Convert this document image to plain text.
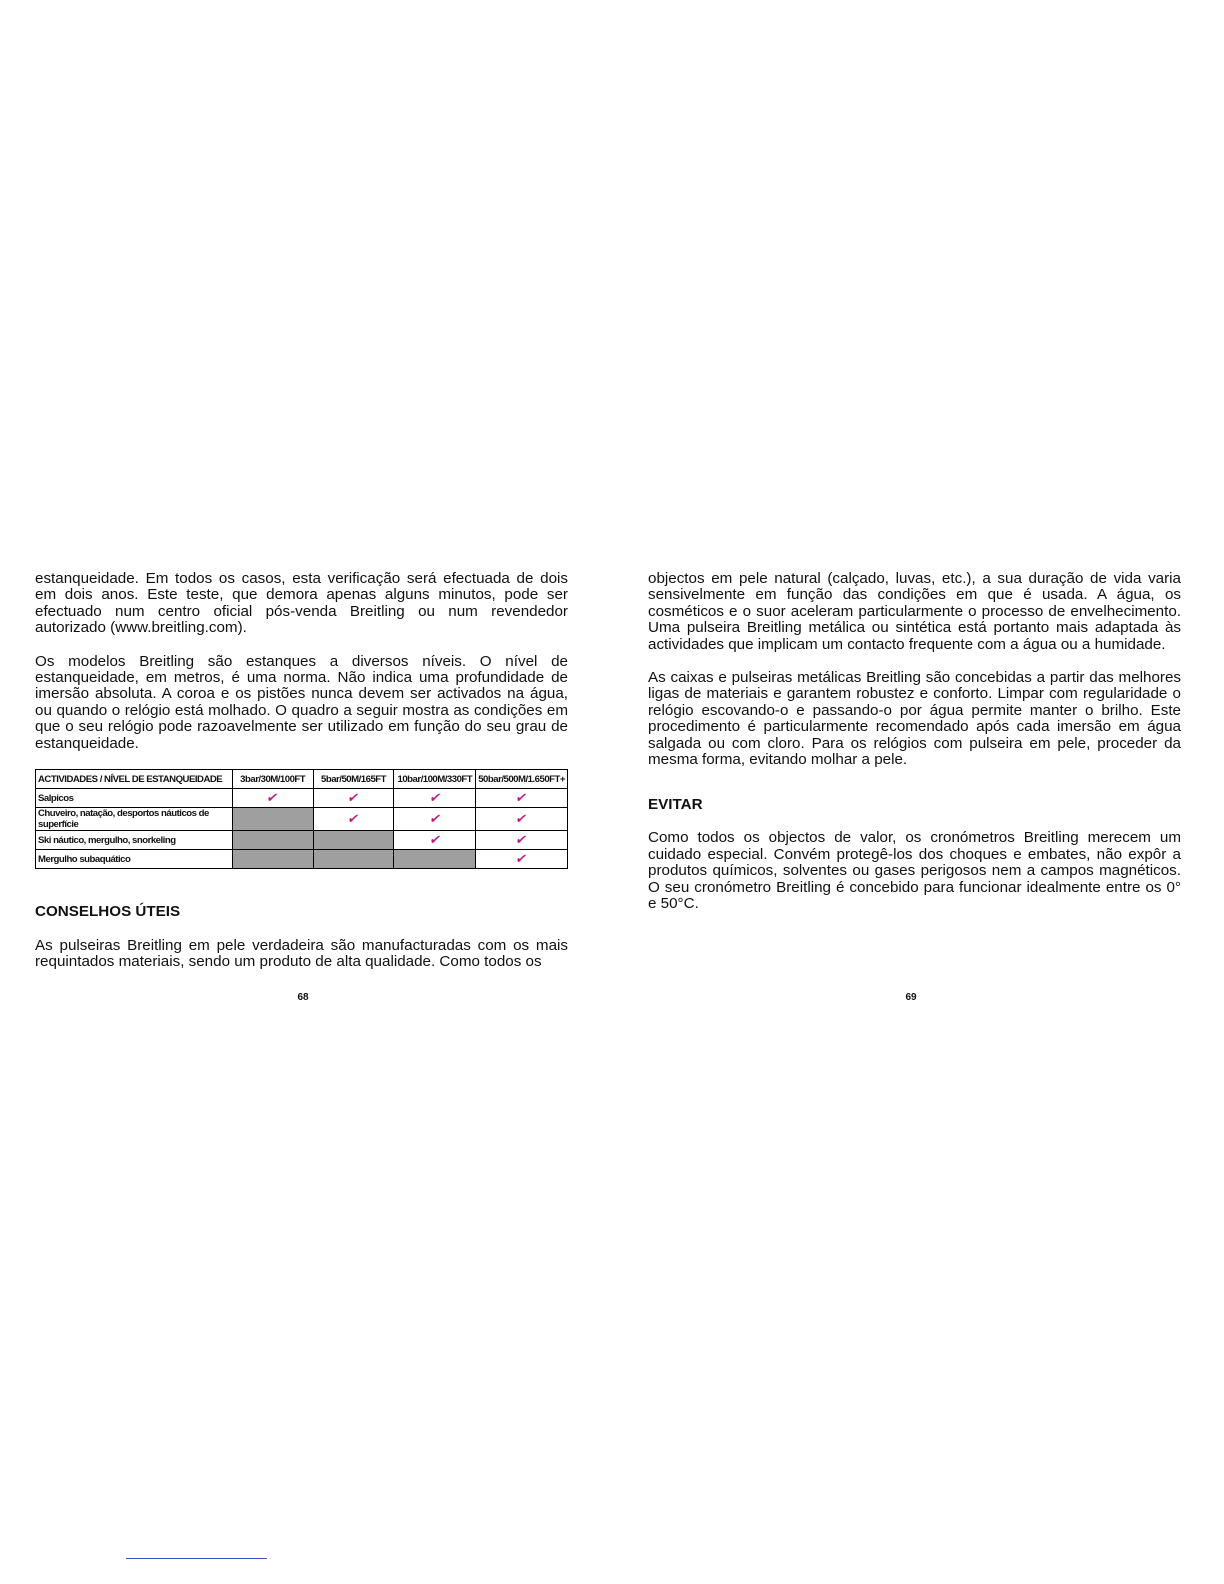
estanqueidade. Em todos os casos, esta verificação será efectuada de dois em dois anos. Este teste, que demora apenas alguns minutos, pode ser efectuado num centro oficial pós-venda Breitling ou num revendedor autorizado (www.breitling.com).

Os modelos Breitling são estanques a diversos níveis. O nível de estanqueidade, em metros, é uma norma. Não indica uma profundidade de imersão absoluta. A coroa e os pistões nunca devem ser activados na água, ou quando o relógio está molhado. O quadro a seguir mostra as condições em que o seu relógio pode razoavelmente ser utilizado em função do seu grau de estanqueidade.

ACTIVIDADES / NÍVEL DE ESTANQUEIDADE	3bar/30M/100FT	5bar/50M/165FT	10bar/100M/330FT	50bar/500M/1.650FT+
Salpicos	✔	✔	✔	✔
Chuveiro, natação, desportos náuticos de superfície		✔	✔	✔
Ski náutico, mergulho, snorkeling			✔	✔
Mergulho subaquático				✔
CONSELHOS ÚTEIS

As pulseiras Breitling em pele verdadeira são manufacturadas com os mais requintados materiais, sendo um produto de alta qualidade. Como todos os

68

objectos em pele natural (calçado, luvas, etc.), a sua duração de vida varia sensivelmente em função das condições em que é usada. A água, os cosméticos e o suor aceleram particularmente o processo de envelhecimento. Uma pulseira Breitling metálica ou sintética está portanto mais adaptada às actividades que implicam um contacto frequente com a água ou a humidade.

As caixas e pulseiras metálicas Breitling são concebidas a partir das melhores ligas de materiais e garantem robustez e conforto. Limpar com regularidade o relógio escovando-o e passando-o por água permite manter o brilho. Este procedimento é particularmente recomendado após cada imersão em água salgada ou com cloro. Para os relógios com pulseira em pele, proceder da mesma forma, evitando molhar a pele.

EVITAR

Como todos os objectos de valor, os cronómetros Breitling merecem um cuidado especial. Convém protegê-los dos choques e embates, não expôr a produtos químicos, solventes ou gases perigosos nem a campos magnéticos. O seu cronómetro Breitling é concebido para funcionar idealmente entre os 0° e 50°C.

69
